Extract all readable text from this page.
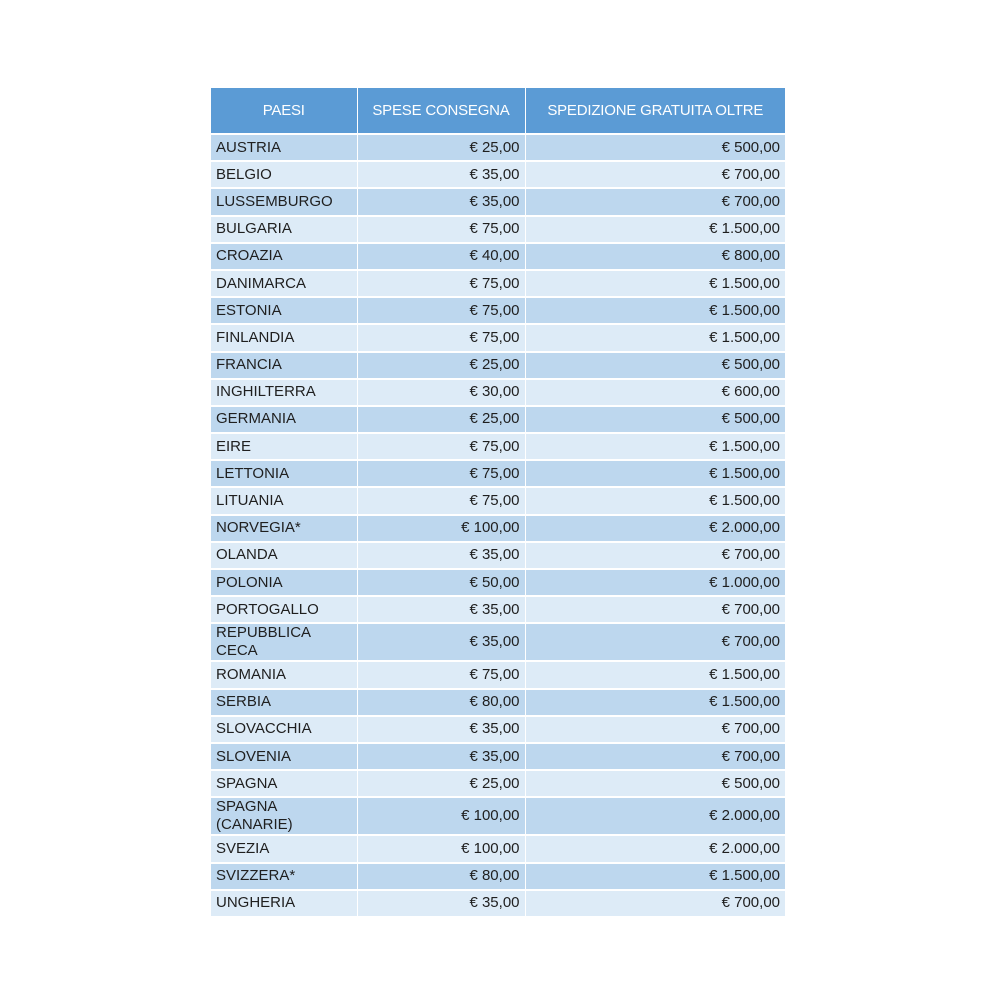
PAESI	SPESE CONSEGNA	SPEDIZIONE GRATUITA OLTRE
AUSTRIA	€ 25,00	€ 500,00
BELGIO	€ 35,00	€ 700,00
LUSSEMBURGO	€ 35,00	€ 700,00
BULGARIA	€ 75,00	€ 1.500,00
CROAZIA	€ 40,00	€ 800,00
DANIMARCA	€ 75,00	€ 1.500,00
ESTONIA	€ 75,00	€ 1.500,00
FINLANDIA	€ 75,00	€ 1.500,00
FRANCIA	€ 25,00	€ 500,00
INGHILTERRA	€ 30,00	€ 600,00
GERMANIA	€ 25,00	€ 500,00
EIRE	€ 75,00	€ 1.500,00
LETTONIA	€ 75,00	€ 1.500,00
LITUANIA	€ 75,00	€ 1.500,00
NORVEGIA*	€ 100,00	€ 2.000,00
OLANDA	€ 35,00	€ 700,00
POLONIA	€ 50,00	€ 1.000,00
PORTOGALLO	€ 35,00	€ 700,00
REPUBBLICA CECA	€ 35,00	€ 700,00
ROMANIA	€ 75,00	€ 1.500,00
SERBIA	€ 80,00	€ 1.500,00
SLOVACCHIA	€ 35,00	€ 700,00
SLOVENIA	€ 35,00	€ 700,00
SPAGNA	€ 25,00	€ 500,00
SPAGNA (CANARIE)	€ 100,00	€ 2.000,00
SVEZIA	€ 100,00	€ 2.000,00
SVIZZERA*	€ 80,00	€ 1.500,00
UNGHERIA	€ 35,00	€ 700,00
